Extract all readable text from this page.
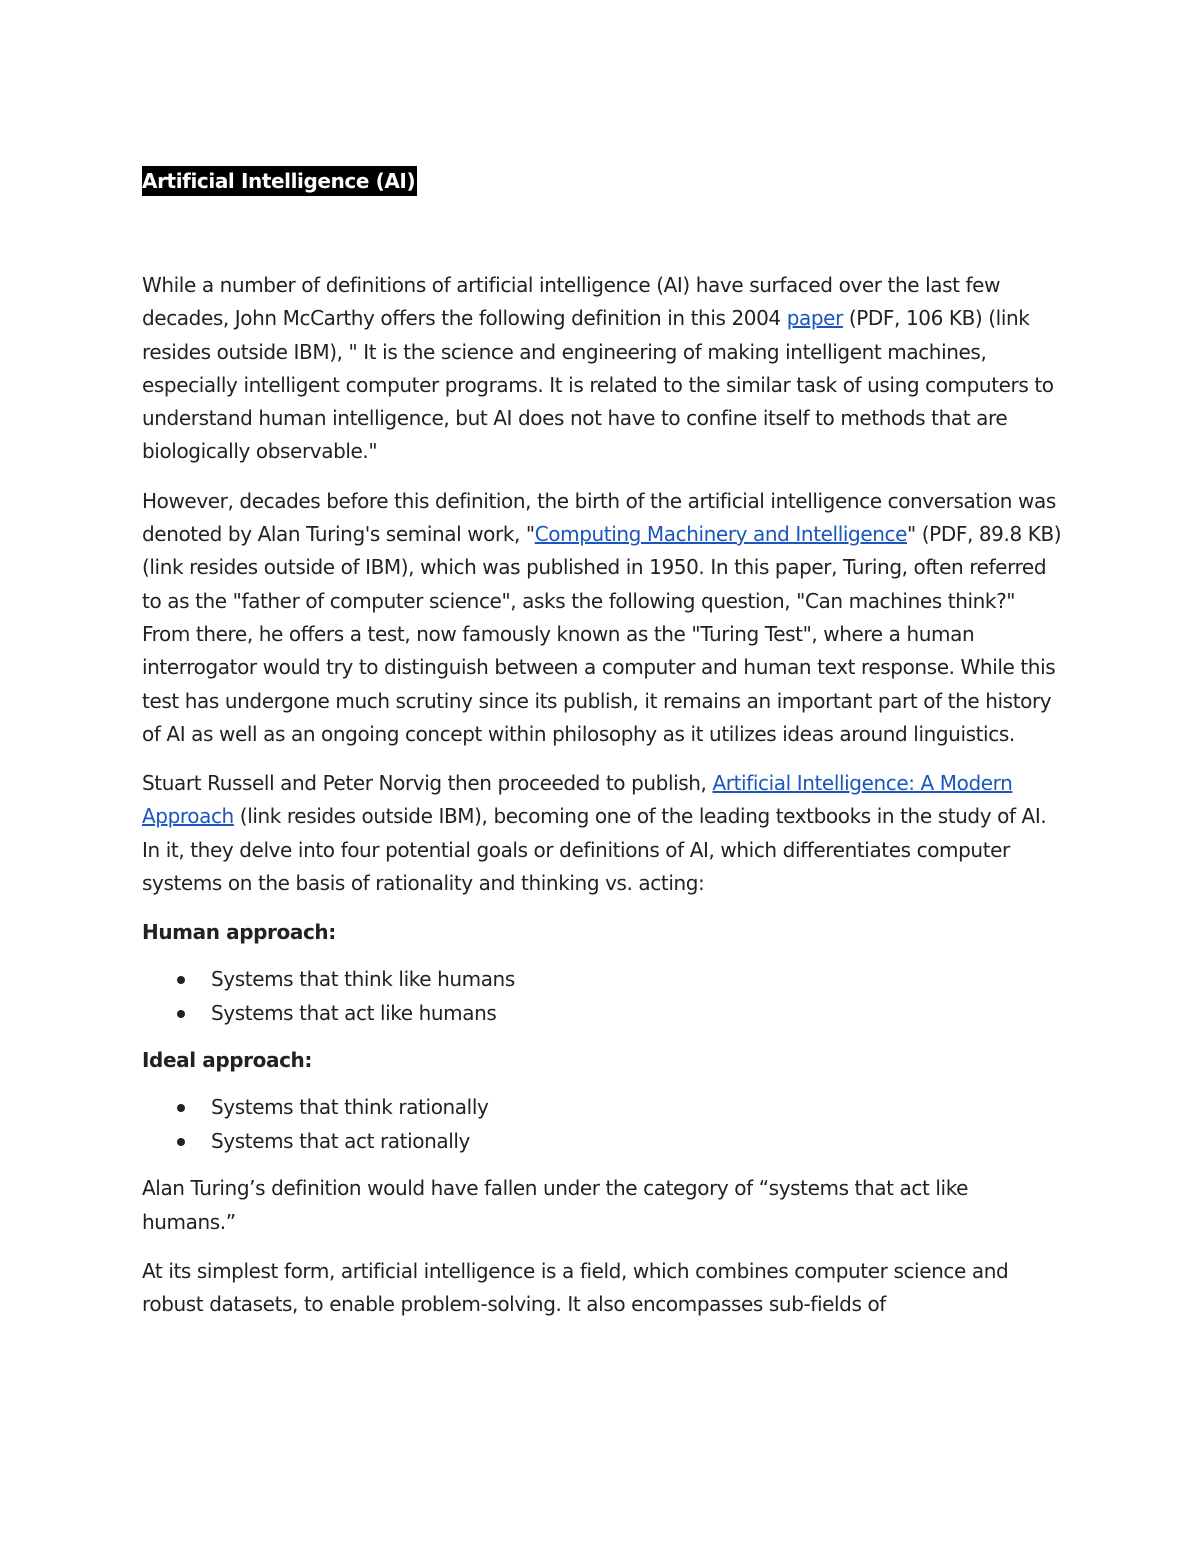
Artificial Intelligence (AI)

While a number of definitions of artificial intelligence (AI) have surfaced over the last few decades, John McCarthy offers the following definition in this 2004 paper (PDF, 106 KB) (link resides outside IBM), " It is the science and engineering of making intelligent machines, especially intelligent computer programs. It is related to the similar task of using computers to understand human intelligence, but AI does not have to confine itself to methods that are biologically observable."

However, decades before this definition, the birth of the artificial intelligence conversation was denoted by Alan Turing's seminal work, "Computing Machinery and Intelligence" (PDF, 89.8 KB) (link resides outside of IBM), which was published in 1950. In this paper, Turing, often referred to as the "father of computer science", asks the following question, "Can machines think?" From there, he offers a test, now famously known as the "Turing Test", where a human interrogator would try to distinguish between a computer and human text response. While this test has undergone much scrutiny since its publish, it remains an important part of the history of AI as well as an ongoing concept within philosophy as it utilizes ideas around linguistics.

Stuart Russell and Peter Norvig then proceeded to publish, Artificial Intelligence: A Modern Approach (link resides outside IBM), becoming one of the leading textbooks in the study of AI. In it, they delve into four potential goals or definitions of AI, which differentiates computer systems on the basis of rationality and thinking vs. acting:

Human approach:
Systems that think like humans
Systems that act like humans
Ideal approach:
Systems that think rationally
Systems that act rationally

Alan Turing’s definition would have fallen under the category of “systems that act like humans.”

At its simplest form, artificial intelligence is a field, which combines computer science and robust datasets, to enable problem-solving. It also encompasses sub-fields of
